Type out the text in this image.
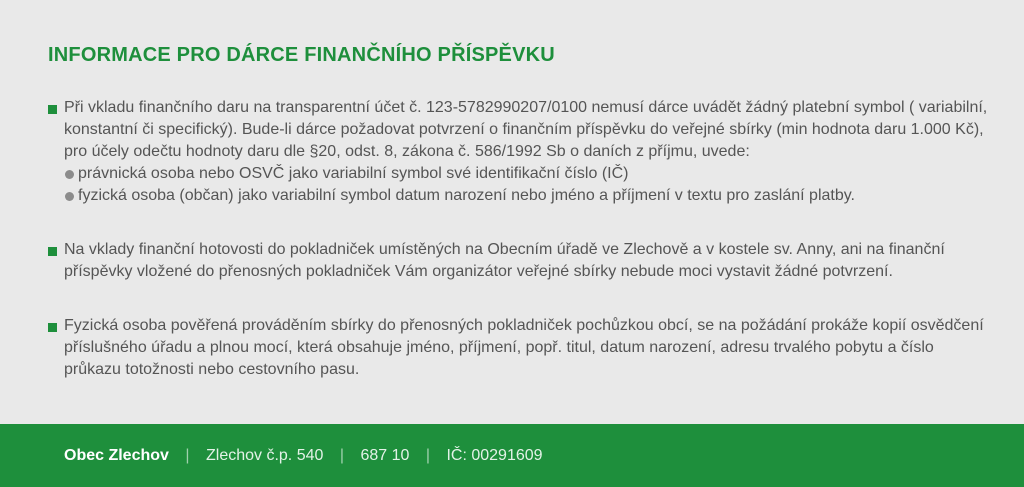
INFORMACE PRO DÁRCE FINANČNÍHO PŘÍSPĚVKU
Při vkladu finančního daru na transparentní účet č. 123-5782990207/0100 nemusí dárce uvádět žádný platební symbol ( variabilní, konstantní či specifický). Bude-li dárce požadovat potvrzení o finančním příspěvku do veřejné sbírky (min hodnota daru 1.000 Kč), pro účely odečtu hodnoty daru dle §20, odst. 8, zákona č. 586/1992 Sb o daních z příjmu, uvede:
právnická osoba nebo OSVČ jako variabilní symbol své identifikační číslo (IČ)
fyzická osoba (občan) jako variabilní symbol datum narození nebo jméno a příjmení v textu pro zaslání platby.
Na vklady finanční hotovosti do pokladniček umístěných na Obecním úřadě ve Zlechově a v kostele sv. Anny, ani na finanční příspěvky vložené do přenosných pokladniček Vám organizátor veřejné sbírky nebude moci vystavit žádné potvrzení.
Fyzická osoba pověřená prováděním sbírky do přenosných pokladniček pochůzkou obcí, se na požádání prokáže kopií osvědčení příslušného úřadu a plnou mocí, která obsahuje jméno, příjmení, popř. titul, datum narození, adresu trvalého pobytu a číslo průkazu totožnosti nebo cestovního pasu.
Obec Zlechov | Zlechov č.p. 540 | 687 10 | IČ: 00291609
